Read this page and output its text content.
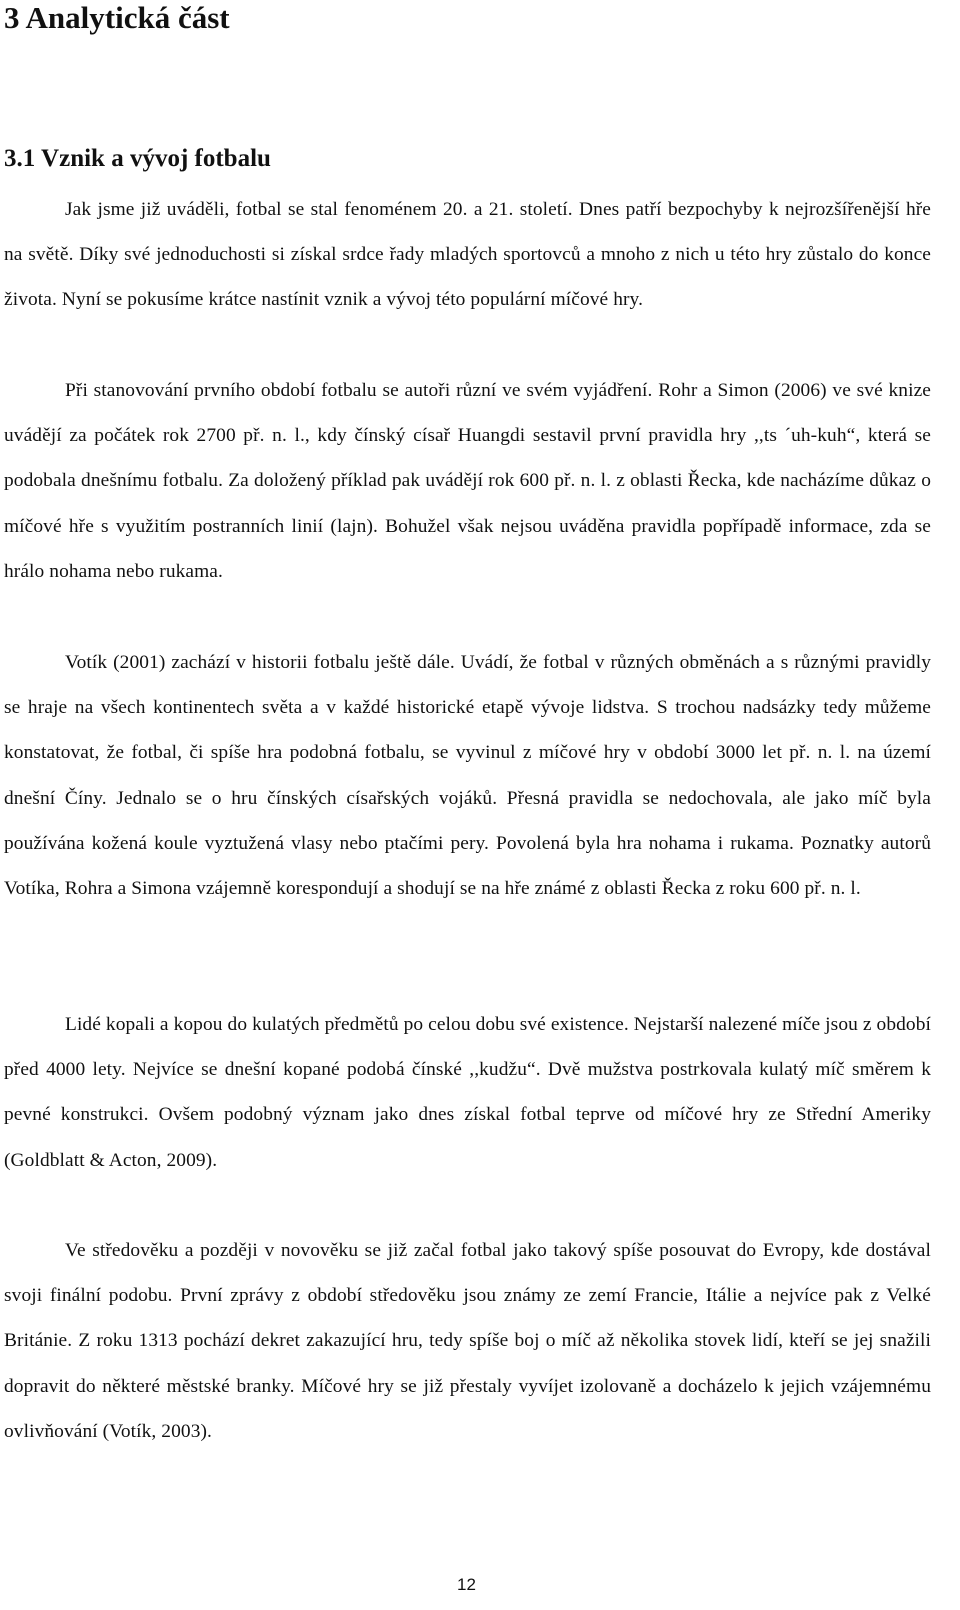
3 Analytická část
3.1 Vznik a vývoj fotbalu

Jak jsme již uváděli, fotbal se stal fenoménem 20. a 21. století. Dnes patří bezpochyby k nejrozšířenější hře na světě. Díky své jednoduchosti si získal srdce řady mladých sportovců a mnoho z nich u této hry zůstalo do konce života. Nyní se pokusíme krátce nastínit vznik a vývoj této populární míčové hry.

Při stanovování prvního období fotbalu se autoři různí ve svém vyjádření. Rohr a Simon (2006) ve své knize uvádějí za počátek rok 2700 př. n. l., kdy čínský císař Huangdi sestavil první pravidla hry ,,ts ´uh-kuh“, která se podobala dnešnímu fotbalu. Za doložený příklad pak uvádějí rok 600 př. n. l. z oblasti Řecka, kde nacházíme důkaz o míčové hře s využitím postranních linií (lajn). Bohužel však nejsou uváděna pravidla popřípadě informace, zda se hrálo nohama nebo rukama.

Votík (2001) zachází v historii fotbalu ještě dále. Uvádí, že fotbal v různých obměnách a s různými pravidly se hraje na všech kontinentech světa a v každé historické etapě vývoje lidstva. S trochou nadsázky tedy můžeme konstatovat, že fotbal, či spíše hra podobná fotbalu, se vyvinul z míčové hry v období 3000 let př. n. l. na území dnešní Číny. Jednalo se o hru čínských císařských vojáků. Přesná pravidla se nedochovala, ale jako míč byla používána kožená koule vyztužená vlasy nebo ptačími pery. Povolená byla hra nohama i rukama. Poznatky autorů Votíka, Rohra a Simona vzájemně korespondují a shodují se na hře známé z oblasti Řecka z roku 600 př. n. l.

Lidé kopali a kopou do kulatých předmětů po celou dobu své existence. Nejstarší nalezené míče jsou z období před 4000 lety. Nejvíce se dnešní kopané podobá čínské ,,kudžu“. Dvě mužstva postrkovala kulatý míč směrem k pevné konstrukci. Ovšem podobný význam jako dnes získal fotbal teprve od míčové hry ze Střední Ameriky (Goldblatt & Acton, 2009).

Ve středověku a později v novověku se již začal fotbal jako takový spíše posouvat do Evropy, kde dostával svoji finální podobu. První zprávy z období středověku jsou známy ze zemí Francie, Itálie a nejvíce pak z Velké Británie. Z roku 1313 pochází dekret zakazující hru, tedy spíše boj o míč až několika stovek lidí, kteří se jej snažili dopravit do některé městské branky. Míčové hry se již přestaly vyvíjet izolovaně a docházelo k jejich vzájemnému ovlivňování (Votík, 2003).

12
